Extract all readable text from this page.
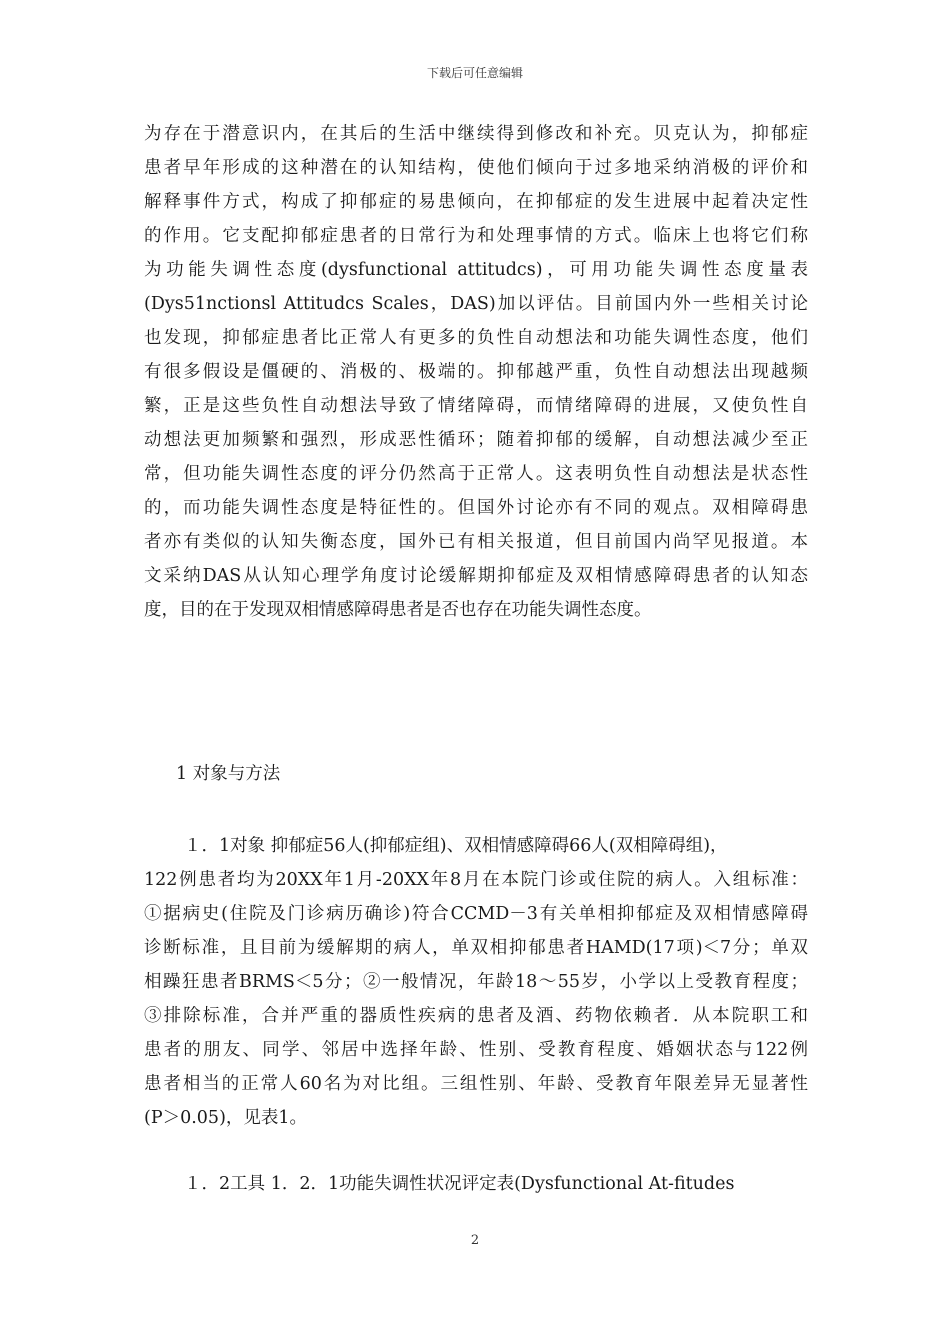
下载后可任意编辑
为存在于潜意识内，在其后的生活中继续得到修改和补充。贝克认为，抑郁症
患者早年形成的这种潜在的认知结构，使他们倾向于过多地采纳消极的评价和
解释事件方式，构成了抑郁症的易患倾向，在抑郁症的发生进展中起着决定性
的作用。它支配抑郁症患者的日常行为和处理事情的方式。临床上也将它们称
为功能失调性态度(dysfunctional attitudcs)，可用功能失调性态度量表
(Dys51nctionsl Attitudcs Scales，DAS)加以评估。目前国内外一些相关讨论
也发现，抑郁症患者比正常人有更多的负性自动想法和功能失调性态度，他们
有很多假设是僵硬的、消极的、极端的。抑郁越严重，负性自动想法出现越频
繁，正是这些负性自动想法导致了情绪障碍，而情绪障碍的进展，又使负性自
动想法更加频繁和强烈，形成恶性循环；随着抑郁的缓解，自动想法减少至正
常，但功能失调性态度的评分仍然高于正常人。这表明负性自动想法是状态性
的，而功能失调性态度是特征性的。但国外讨论亦有不同的观点。双相障碍患
者亦有类似的认知失衡态度，国外已有相关报道，但目前国内尚罕见报道。本
文采纳DAS从认知心理学角度讨论缓解期抑郁症及双相情感障碍患者的认知态
度，目的在于发现双相情感障碍患者是否也存在功能失调性态度。
1 对象与方法
１．1对象 抑郁症56人(抑郁症组)、双相情感障碍66人(双相障碍组)，
122例患者均为20XX年1月-20XX年8月在本院门诊或住院的病人。入组标准：
①据病史(住院及门诊病历确诊)符合CCMD－3有关单相抑郁症及双相情感障碍
诊断标准，且目前为缓解期的病人，单双相抑郁患者HAMD(17项)＜7分；单双
相躁狂患者BRMS＜5分；②一般情况，年龄18～55岁，小学以上受教育程度；
③排除标准，合并严重的器质性疾病的患者及酒、药物依赖者．从本院职工和
患者的朋友、同学、邻居中选择年龄、性别、受教育程度、婚姻状态与122例
患者相当的正常人60名为对比组。三组性别、年龄、受教育年限差异无显著性
(P＞0.05)，见表1。
１．2工具 1．2．1功能失调性状况评定表(Dysfunctional At-fitudes
2
